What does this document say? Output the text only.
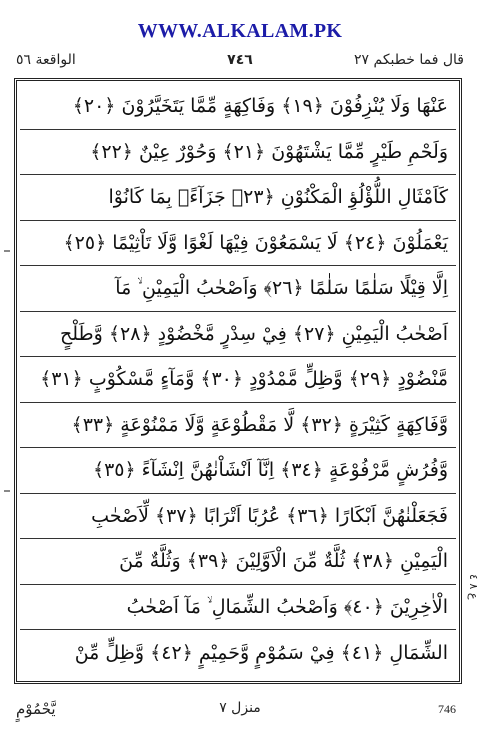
WWW.ALKALAM.PK
الواقعة ٥٦	٧٤٦	قال فما خطبكم ٢٧
عَنْهَا وَلَا يُنْزِفُوْنَ ﴿١٩﴾ وَفَاكِهَةٍ مِّمَّا يَتَخَيَّرُوْنَ ﴿٢٠﴾
وَلَحْمِ طَيْرٍ مِّمَّا يَشْتَهُوْنَ ﴿٢١﴾ وَحُوْرٌ عِيْنٌ ﴿٢٢﴾
كَاَمْثَالِ اللُّؤْلُؤِ الْمَكْنُوْنِ ﴿٢٣﴾ جَزَآءًۢ بِمَا كَانُوْا
يَعْمَلُوْنَ ﴿٢٤﴾ لَا يَسْمَعُوْنَ فِيْهَا لَغْوًا وَّلَا تَاْثِيْمًا ﴿٢٥﴾
اِلَّا قِيْلًا سَلٰمًا سَلٰمًا ﴿٢٦﴾ وَاَصْحٰبُ الْيَمِيْنِ ۙ مَآ
اَصْحٰبُ الْيَمِيْنِ ﴿٢٧﴾ فِيْ سِدْرٍ مَّخْضُوْدٍ ﴿٢٨﴾ وَّطَلْحٍ
مَّنْضُوْدٍ ﴿٢٩﴾ وَّظِلٍّ مَّمْدُوْدٍ ﴿٣٠﴾ وَّمَآءٍ مَّسْكُوْبٍ ﴿٣١﴾
وَّفَاكِهَةٍ كَثِيْرَةٍ ﴿٣٢﴾ لَّا مَقْطُوْعَةٍ وَّلَا مَمْنُوْعَةٍ ﴿٣٣﴾
وَّفُرُشٍ مَّرْفُوْعَةٍ ﴿٣٤﴾ اِنَّآ اَنْشَاْنٰهُنَّ اِنْشَآءً ﴿٣٥﴾
فَجَعَلْنٰهُنَّ اَبْكَارًا ﴿٣٦﴾ عُرُبًا اَتْرَابًا ﴿٣٧﴾ لِّاَصْحٰبِ
الْيَمِيْنِ ﴿٣٨﴾ ثُلَّةٌ مِّنَ الْاَوَّلِيْنَ ﴿٣٩﴾ وَثُلَّةٌ مِّنَ
الْاٰخِرِيْنَ ﴿٤٠﴾ وَاَصْحٰبُ الشِّمَالِ ۙ مَآ اَصْحٰبُ
الشِّمَالِ ﴿٤١﴾ فِيْ سَمُوْمٍ وَّحَمِيْمٍ ﴿٤٢﴾ وَّظِلٍّ مِّنْ
ع ٨ ٤
يَّحْمُوْمٍ	منزل ٧	746
